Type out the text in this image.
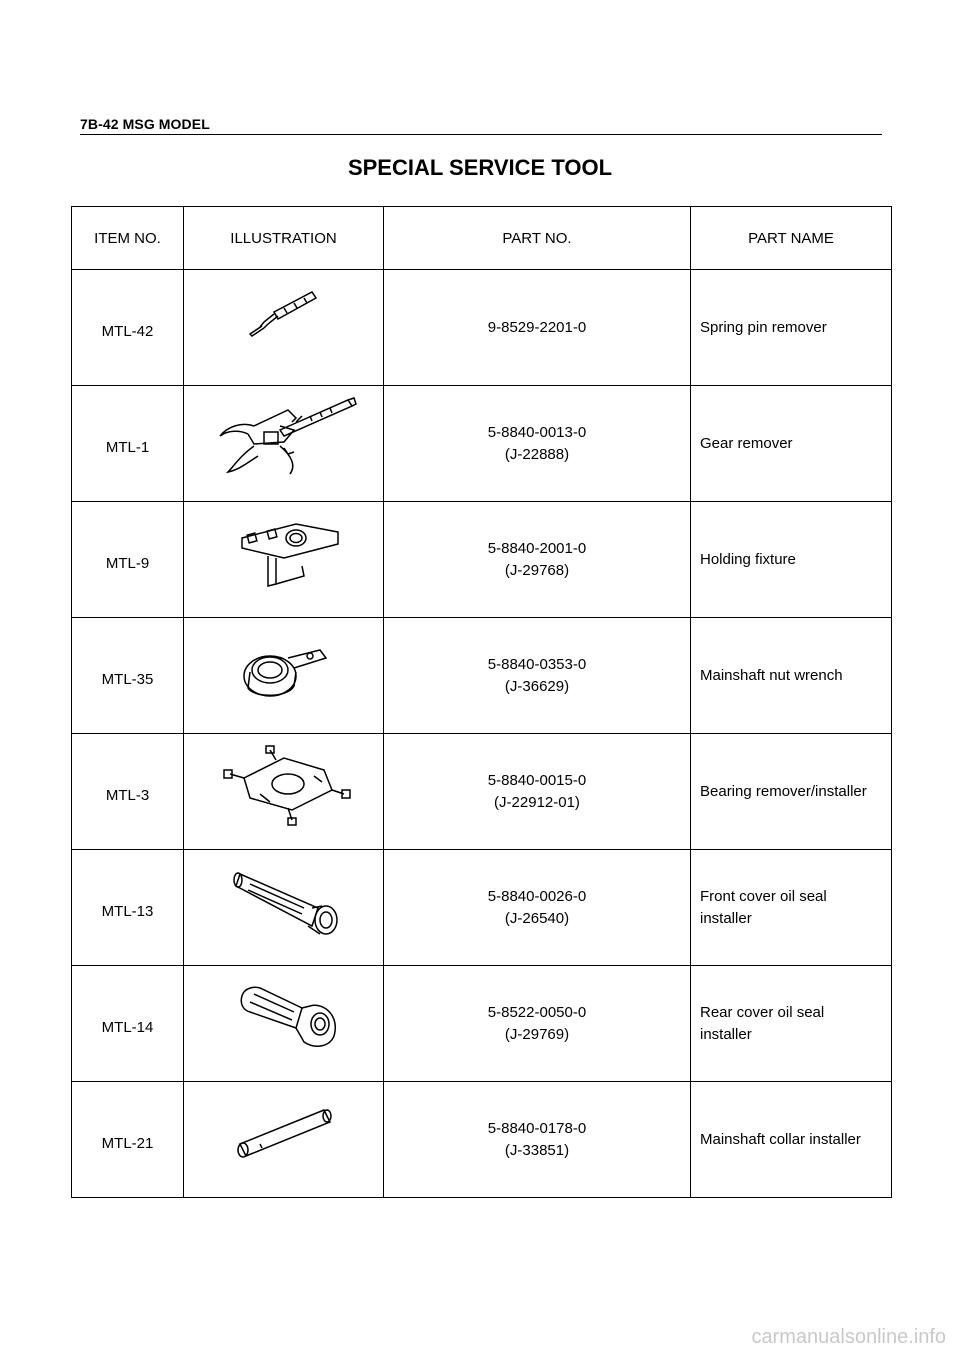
7B-42 MSG MODEL
SPECIAL SERVICE TOOL
ITEM NO.	ILLUSTRATION	PART NO.	PART NAME
MTL-42		9-8529-2201-0	Spring pin remover

MTL-1		5-8840-0013-0
(J-22888)	Gear remover

MTL-9		5-8840-2001-0
(J-29768)	Holding fixture

MTL-35		5-8840-0353-0
(J-36629)	Mainshaft nut wrench

MTL-3		5-8840-0015-0
(J-22912-01)	Bearing remover/installer

MTL-13		5-8840-0026-0
(J-26540)	Front cover oil seal
installer

MTL-14		5-8522-0050-0
(J-29769)	Rear cover oil seal
installer

MTL-21		5-8840-0178-0
(J-33851)	Mainshaft collar installer
carmanualsonline.info
